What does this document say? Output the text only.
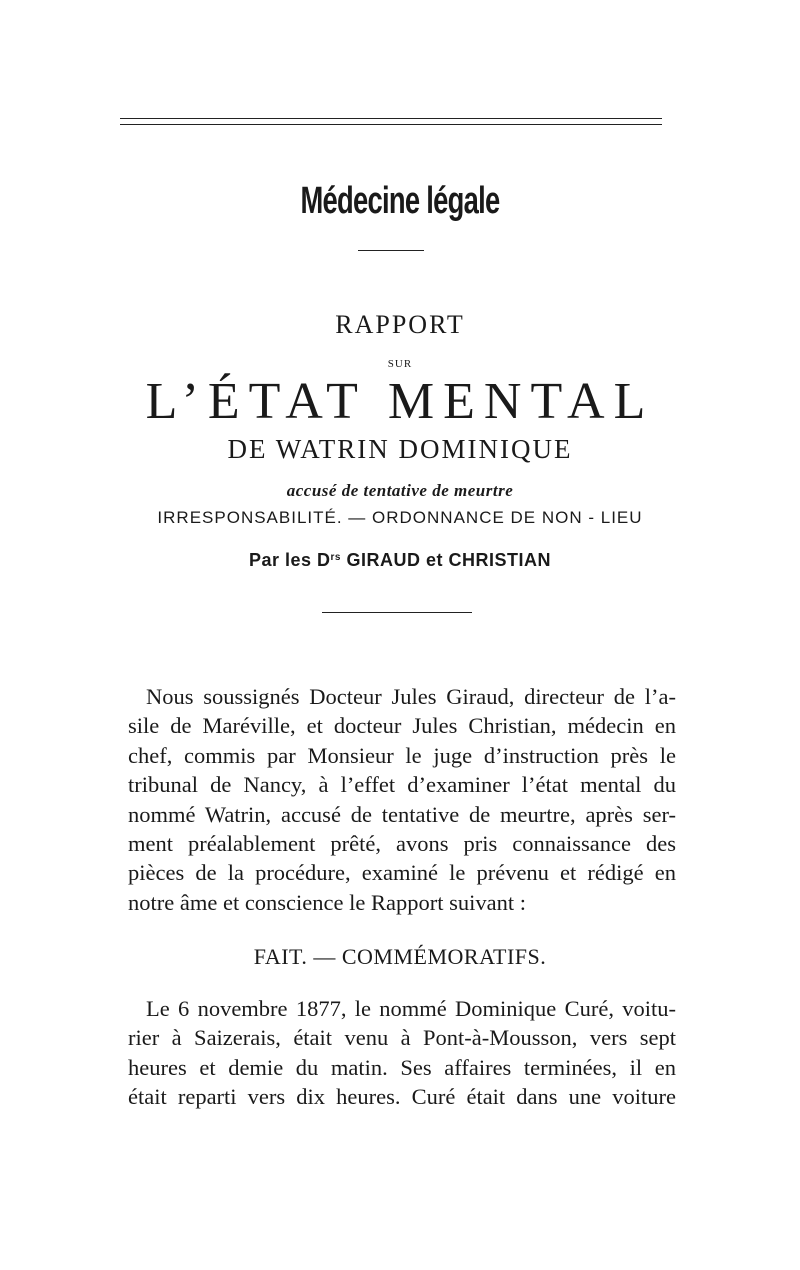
Médecine légale
RAPPORT
SUR
L’ÉTAT MENTAL
DE WATRIN DOMINIQUE
accusé de tentative de meurtre
IRRESPONSABILITÉ. — ORDONNANCE DE NON - LIEU
Par les $D^{rs}$ GIRAUD et CHRISTIAN
Nous soussignés Docteur Jules Giraud, directeur de l’a-
sile de Maréville, et docteur Jules Christian, médecin en
chef, commis par Monsieur le juge d’instruction près le
tribunal de Nancy, à l’effet d’examiner l’état mental du
nommé Watrin, accusé de tentative de meurtre, après ser-
ment préalablement prêté, avons pris connaissance des
pièces de la procédure, examiné le prévenu et rédigé en
notre âme et conscience le Rapport suivant :
FAIT. — COMMÉMORATIFS.
Le 6 novembre 1877, le nommé Dominique Curé, voitu-
rier à Saizerais, était venu à Pont-à-Mousson, vers sept
heures et demie du matin. Ses affaires terminées, il en
était reparti vers dix heures. Curé était dans une voiture
